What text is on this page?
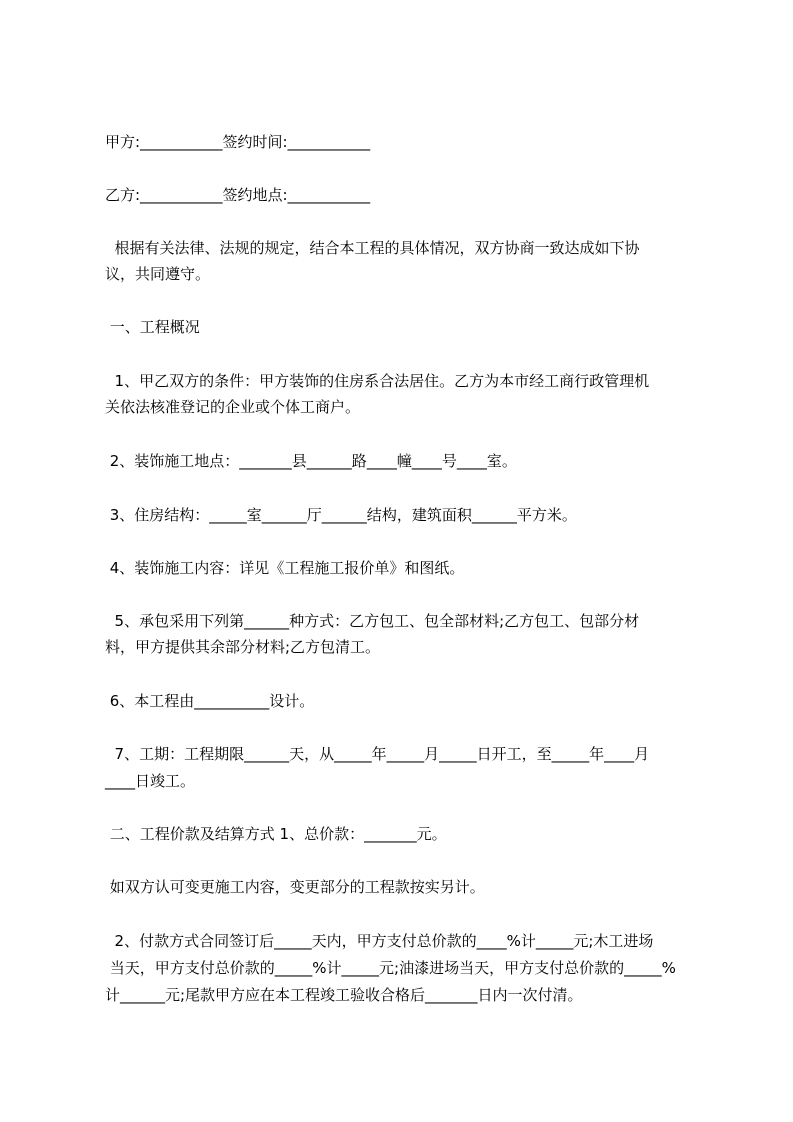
甲方:___________签约时间:___________

乙方:___________签约地点:___________

根据有关法律、法规的规定，结合本工程的具体情况，双方协商一致达成如下协

议，共同遵守。

一、工程概况

1、甲乙双方的条件：甲方装饰的住房系合法居住。乙方为本市经工商行政管理机

关依法核准登记的企业或个体工商户。

2、装饰施工地点：_______县______路____幢____号____室。

3、住房结构：_____室______厅______结构，建筑面积______平方米。

4、装饰施工内容：详见《工程施工报价单》和图纸。

5、承包采用下列第______种方式：乙方包工、包全部材料;乙方包工、包部分材

料，甲方提供其余部分材料;乙方包清工。

6、本工程由__________设计。

7、工期：工程期限______天，从_____年_____月_____日开工，至_____年____月

____日竣工。

二、工程价款及结算方式 1、总价款：_______元。

如双方认可变更施工内容，变更部分的工程款按实另计。

2、付款方式合同签订后_____天内，甲方支付总价款的____%计_____元;木工进场

当天，甲方支付总价款的_____%计_____元;油漆进场当天，甲方支付总价款的_____%

计______元;尾款甲方应在本工程竣工验收合格后_______日内一次付清。
